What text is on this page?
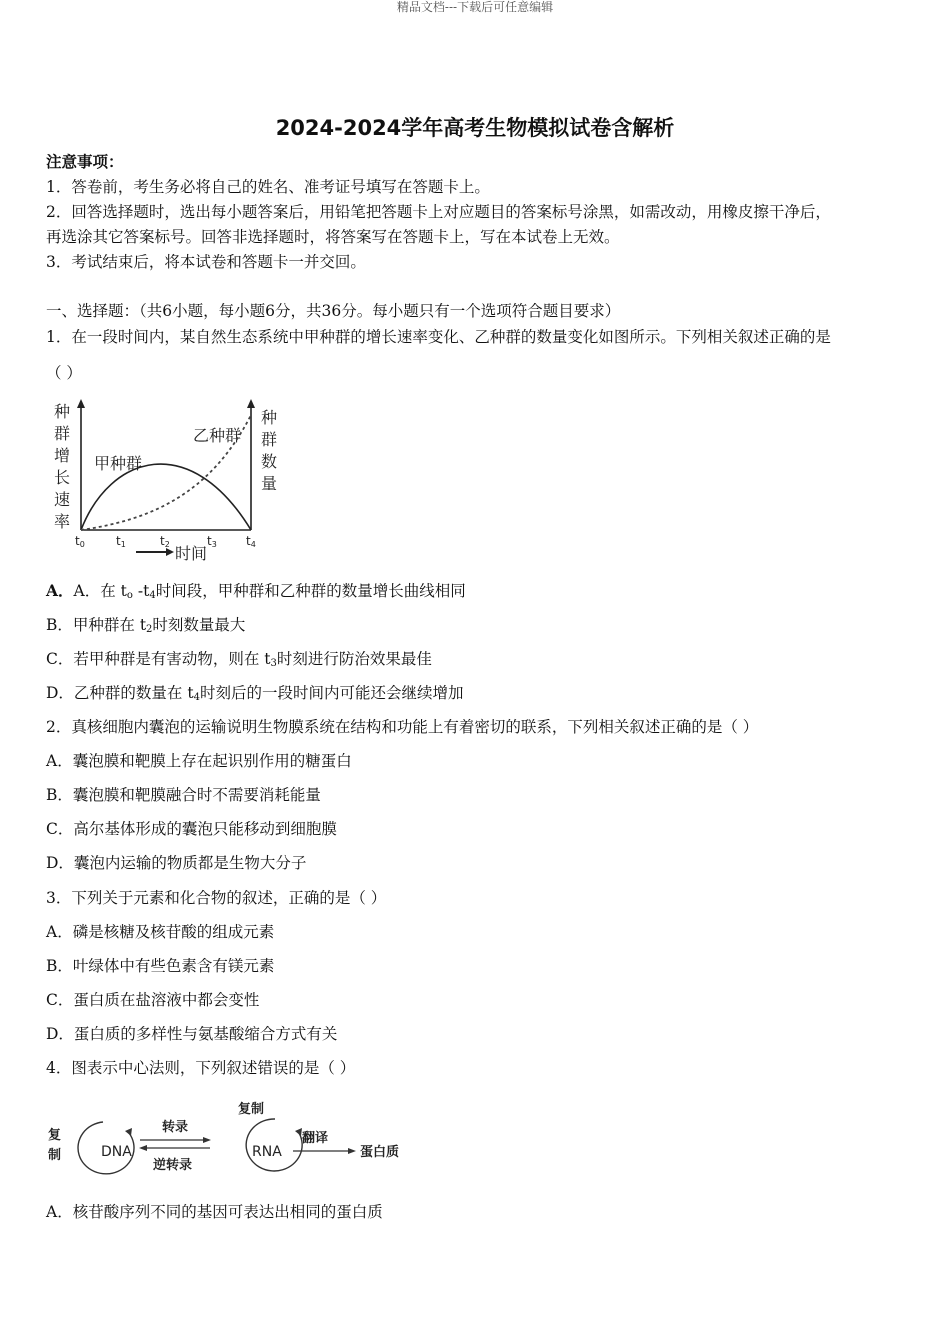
精品文档---下载后可任意编辑
2024-2024学年高考生物模拟试卷含解析
注意事项：
1．答卷前，考生务必将自己的姓名、准考证号填写在答题卡上。
2．回答选择题时，选出每小题答案后，用铅笔把答题卡上对应题目的答案标号涂黑，如需改动，用橡皮擦干净后，
再选涂其它答案标号。回答非选择题时，将答案写在答题卡上，写在本试卷上无效。
3．考试结束后，将本试卷和答题卡一并交回。
一、选择题：（共6小题，每小题6分，共36分。每小题只有一个选项符合题目要求）
1．在一段时间内，某自然生态系统中甲种群的增长速率变化、乙种群的数量变化如图所示。下列相关叙述正确的是
（ ）
种
群
增
长
速
率
种
群
数
量
甲种群
乙种群
t0	t1	t2	t3 t4
时间
A．A．在 $t_o$ $-t_4$时间段，甲种群和乙种群的数量增长曲线相同
B．甲种群在 $t_2$时刻数量最大
C．若甲种群是有害动物，则在 $t_3$时刻进行防治效果最佳
D．乙种群的数量在 $t_4$时刻后的一段时间内可能还会继续增加
2．真核细胞内囊泡的运输说明生物膜系统在结构和功能上有着密切的联系，下列相关叙述正确的是（ ）
A．囊泡膜和靶膜上存在起识别作用的糖蛋白
B．囊泡膜和靶膜融合时不需要消耗能量
C．高尔基体形成的囊泡只能移动到细胞膜
D．囊泡内运输的物质都是生物大分子
3．下列关于元素和化合物的叙述，正确的是（ ）
A．磷是核糖及核苷酸的组成元素
B．叶绿体中有些色素含有镁元素
C．蛋白质在盐溶液中都会变性
D．蛋白质的多样性与氨基酸缩合方式有关
4．图表示中心法则，下列叙述错误的是（ ）
复
制
转录
逆转录
复制
翻译
蛋白质
DNA	RNA
A．核苷酸序列不同的基因可表达出相同的蛋白质
